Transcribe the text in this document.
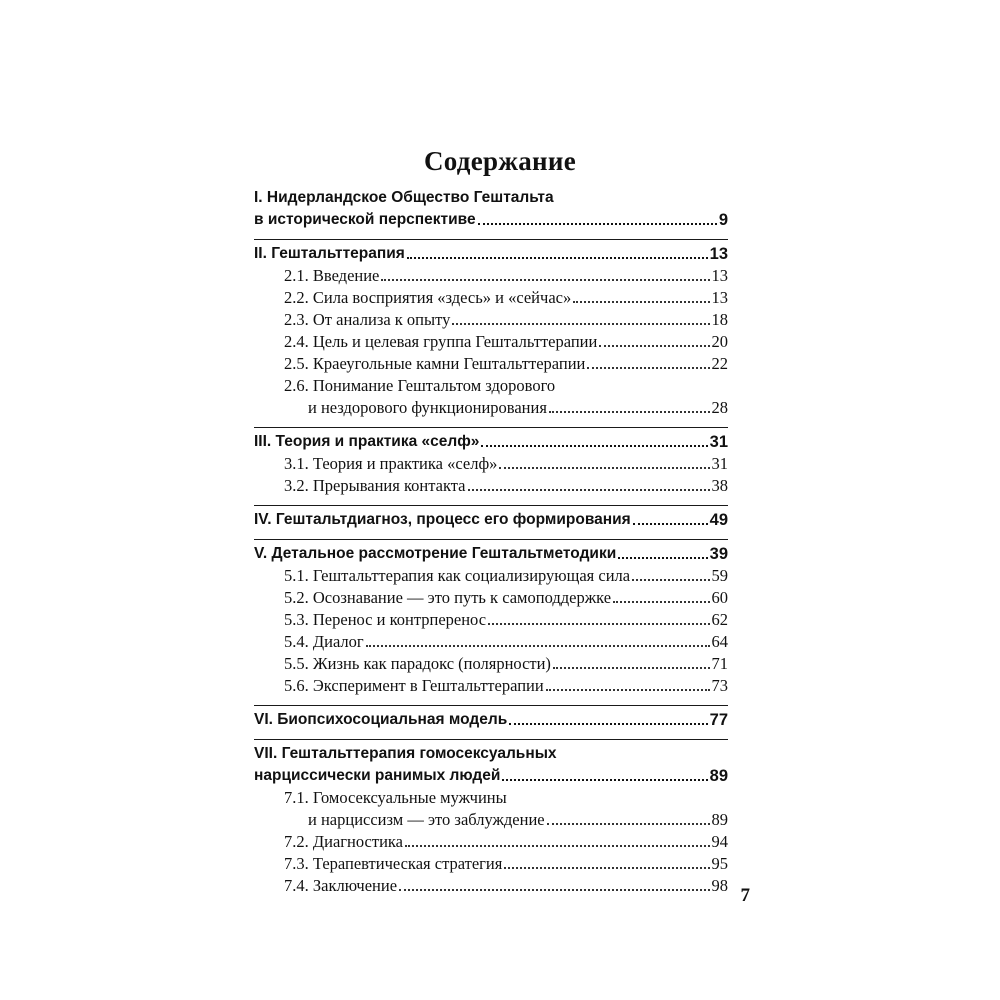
Содержание
I. Нидерландское Общество Гештальта
в исторической перспективе	9
II. Гештальттерапия	13
2.1. Введение	13
2.2. Сила восприятия «здесь» и «сейчас»	13
2.3. От анализа к опыту	18
2.4. Цель и целевая группа Гештальттерапии	20
2.5. Краеугольные камни Гештальттерапии	22
2.6. Понимание Гештальтом здорового
и нездорового функционирования	28
III. Теория и практика «селф»	31
3.1. Теория и практика «селф»	31
3.2. Прерывания контакта	38
IV. Гештальтдиагноз, процесс его формирования	49
V. Детальное рассмотрение Гештальтметодики	39
5.1. Гештальттерапия как социализирующая сила	59
5.2. Осознавание — это путь к самоподдержке	60
5.3. Перенос и контрперенос	62
5.4. Диалог	64
5.5. Жизнь как парадокс (полярности)	71
5.6. Эксперимент в Гештальттерапии	73
VI. Биопсихосоциальная модель	77
VII. Гештальттерапия гомосексуальных
нарциссически ранимых людей	89
7.1. Гомосексуальные мужчины
и нарциссизм — это заблуждение	89
7.2. Диагностика	94
7.3. Терапевтическая стратегия	95
7.4. Заключение	98 7
